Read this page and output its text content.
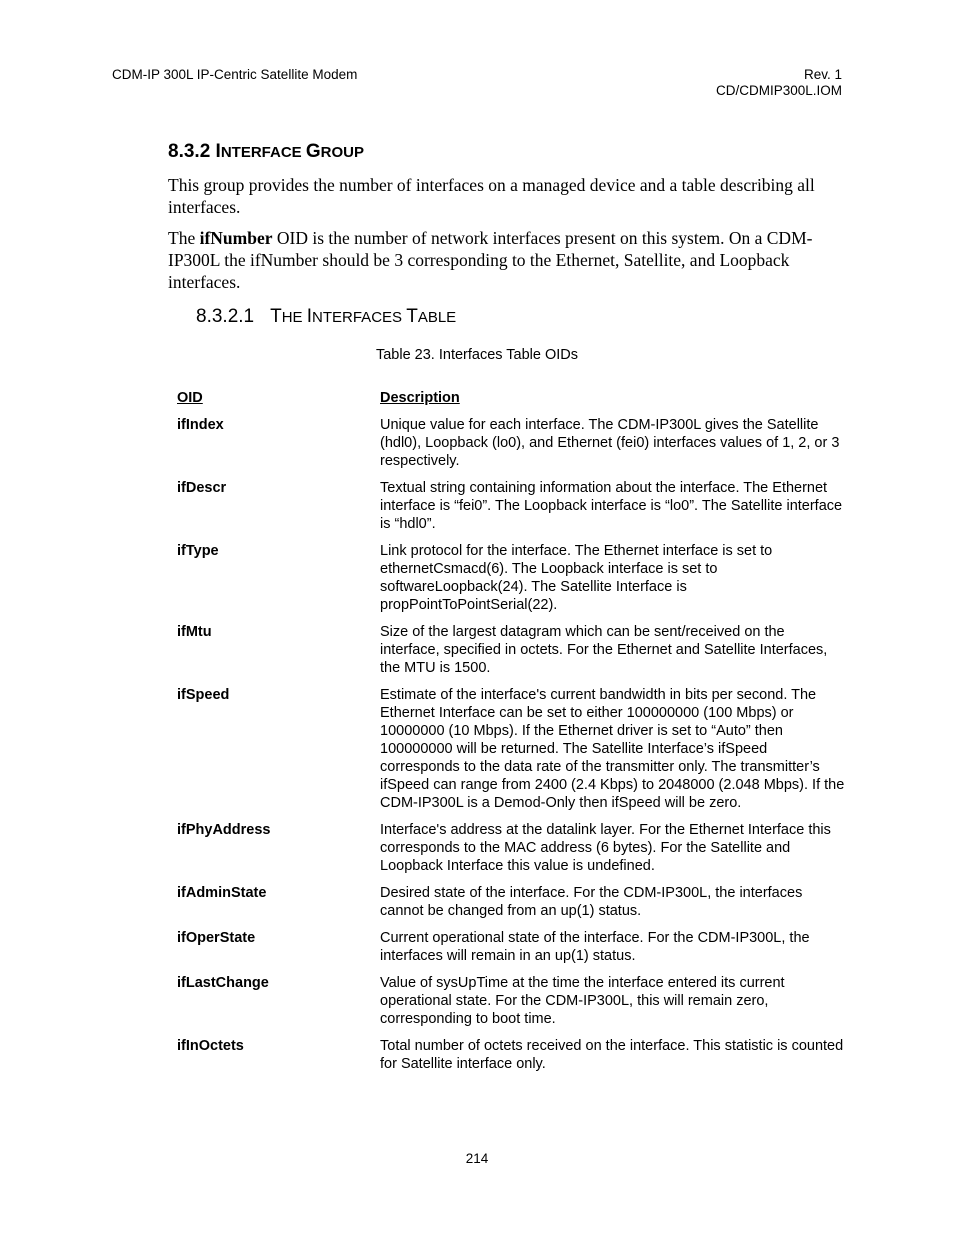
CDM-IP 300L IP-Centric Satellite Modem	Rev. 1
CD/CDMIP300L.IOM
8.3.2 INTERFACE GROUP

This group provides the number of interfaces on a managed device and a table describing all interfaces.

The ifNumber OID is the number of network interfaces present on this system. On a CDM-IP300L the ifNumber should be 3 corresponding to the Ethernet, Satellite, and Loopback interfaces.

8.3.2.1 THE INTERFACES TABLE
Table 23. Interfaces Table OIDs
OID	Description
ifIndex	Unique value for each interface. The CDM-IP300L gives the Satellite (hdl0), Loopback (lo0), and Ethernet (fei0) interfaces values of 1, 2, or 3 respectively.
ifDescr	Textual string containing information about the interface. The Ethernet interface is “fei0”. The Loopback interface is “lo0”. The Satellite interface is “hdl0”.
ifType	Link protocol for the interface. The Ethernet interface is set to ethernetCsmacd(6). The Loopback interface is set to softwareLoopback(24). The Satellite Interface is propPointToPointSerial(22).
ifMtu	Size of the largest datagram which can be sent/received on the interface, specified in octets. For the Ethernet and Satellite Interfaces, the MTU is 1500.
ifSpeed	Estimate of the interface's current bandwidth in bits per second. The Ethernet Interface can be set to either 100000000 (100 Mbps) or 10000000 (10 Mbps). If the Ethernet driver is set to “Auto” then 100000000 will be returned. The Satellite Interface’s ifSpeed corresponds to the data rate of the transmitter only. The transmitter’s ifSpeed can range from 2400 (2.4 Kbps) to 2048000 (2.048 Mbps). If the CDM-IP300L is a Demod-Only then ifSpeed will be zero.
ifPhyAddress	Interface's address at the datalink layer. For the Ethernet Interface this corresponds to the MAC address (6 bytes). For the Satellite and Loopback Interface this value is undefined.
ifAdminState	Desired state of the interface. For the CDM-IP300L, the interfaces cannot be changed from an up(1) status.
ifOperState	Current operational state of the interface. For the CDM-IP300L, the interfaces will remain in an up(1) status.
ifLastChange	Value of sysUpTime at the time the interface entered its current operational state. For the CDM-IP300L, this will remain zero, corresponding to boot time.
ifInOctets	Total number of octets received on the interface. This statistic is counted for Satellite interface only.
214
